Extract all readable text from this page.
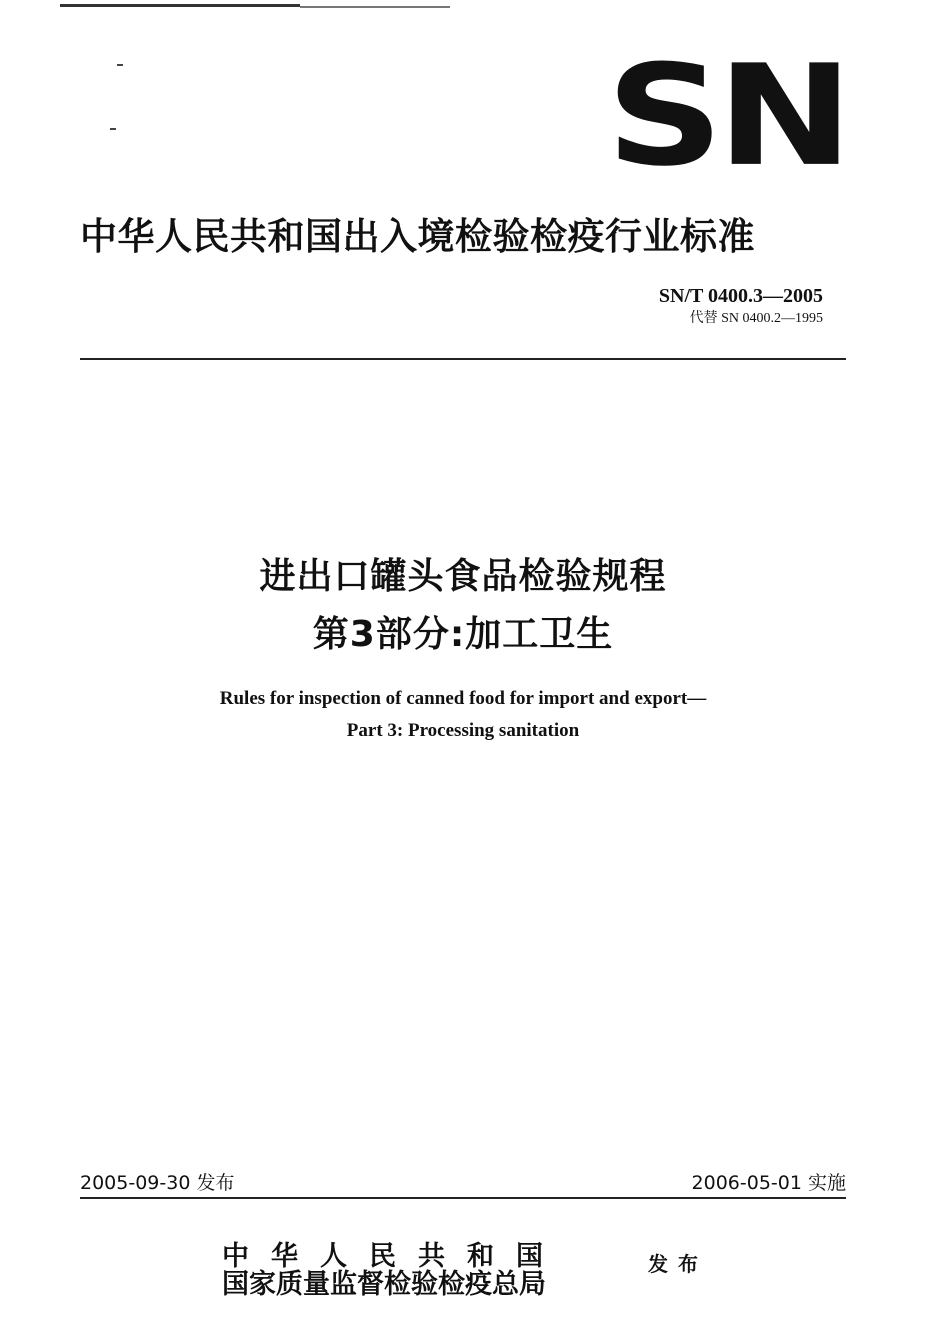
SN
中华人民共和国出入境检验检疫行业标准
SN/T 0400.3—2005
代替 SN 0400.2—1995
进出口罐头食品检验规程
第3部分:加工卫生
Rules for inspection of canned food for import and export—
Part 3: Processing sanitation
2005-09-30 发布	2006-05-01 实施
中华人民共和国
国家质量监督检验检疫总局
发布
